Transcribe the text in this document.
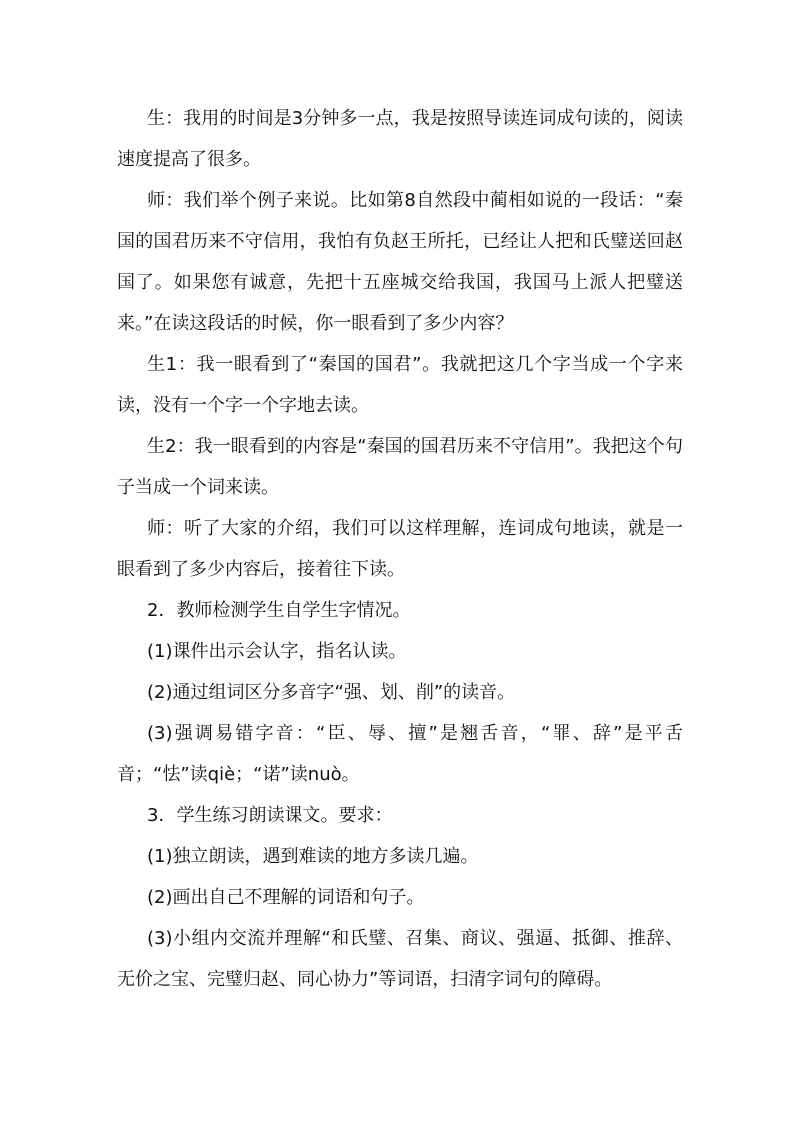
生：我用的时间是3分钟多一点，我是按照导读连词成句读的，阅读速度提高了很多。

师：我们举个例子来说。比如第8自然段中蔺相如说的一段话：“秦国的国君历来不守信用，我怕有负赵王所托，已经让人把和氏璧送回赵国了。如果您有诚意，先把十五座城交给我国，我国马上派人把璧送来。”在读这段话的时候，你一眼看到了多少内容？

生1：我一眼看到了“秦国的国君”。我就把这几个字当成一个字来读，没有一个字一个字地去读。

生2：我一眼看到的内容是“秦国的国君历来不守信用”。我把这个句子当成一个词来读。

师：听了大家的介绍，我们可以这样理解，连词成句地读，就是一眼看到了多少内容后，接着往下读。

2．教师检测学生自学生字情况。

(1)课件出示会认字，指名认读。

(2)通过组词区分多音字“强、划、削”的读音。

(3)强调易错字音：“臣、辱、擅”是翘舌音，“罪、辞”是平舌音；“怯”读qiè；“诺”读nuò。

3．学生练习朗读课文。要求：

(1)独立朗读，遇到难读的地方多读几遍。

(2)画出自己不理解的词语和句子。

(3)小组内交流并理解“和氏璧、召集、商议、强逼、抵御、推辞、无价之宝、完璧归赵、同心协力”等词语，扫清字词句的障碍。
